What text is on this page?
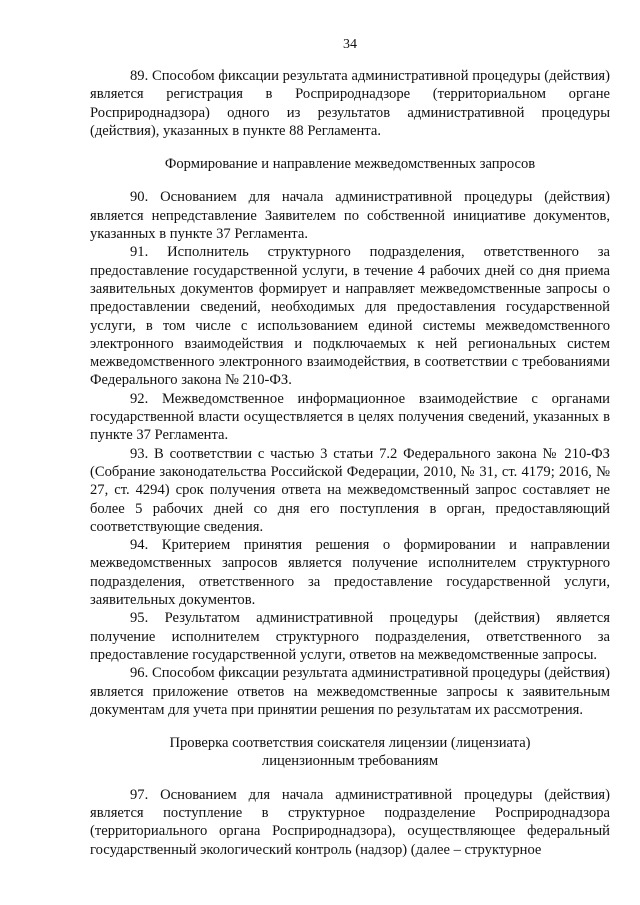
34

89. Способом фиксации результата административной процедуры (действия) является регистрация в Росприроднадзоре (территориальном органе Росприроднадзора) одного из результатов административной процедуры (действия), указанных в пункте 88 Регламента.

Формирование и направление межведомственных запросов

90. Основанием для начала административной процедуры (действия) является непредставление Заявителем по собственной инициативе документов, указанных в пункте 37 Регламента.

91. Исполнитель структурного подразделения, ответственного за предоставление государственной услуги, в течение 4 рабочих дней со дня приема заявительных документов формирует и направляет межведомственные запросы о предоставлении сведений, необходимых для предоставления государственной услуги, в том числе с использованием единой системы межведомственного электронного взаимодействия и подключаемых к ней региональных систем межведомственного электронного взаимодействия, в соответствии с требованиями Федерального закона № 210-ФЗ.

92. Межведомственное информационное взаимодействие с органами государственной власти осуществляется в целях получения сведений, указанных в пункте 37 Регламента.

93. В соответствии с частью 3 статьи 7.2 Федерального закона № 210-ФЗ (Собрание законодательства Российской Федерации, 2010, № 31, ст. 4179; 2016, № 27, ст. 4294) срок получения ответа на межведомственный запрос составляет не более 5 рабочих дней со дня его поступления в орган, предоставляющий соответствующие сведения.

94. Критерием принятия решения о формировании и направлении межведомственных запросов является получение исполнителем структурного подразделения, ответственного за предоставление государственной услуги, заявительных документов.

95. Результатом административной процедуры (действия) является получение исполнителем структурного подразделения, ответственного за предоставление государственной услуги, ответов на межведомственные запросы.

96. Способом фиксации результата административной процедуры (действия) является приложение ответов на межведомственные запросы к заявительным документам для учета при принятии решения по результатам их рассмотрения.

Проверка соответствия соискателя лицензии (лицензиата)
лицензионным требованиям

97. Основанием для начала административной процедуры (действия) является поступление в структурное подразделение Росприроднадзора (территориального органа Росприроднадзора), осуществляющее федеральный государственный экологический контроль (надзор) (далее – структурное
